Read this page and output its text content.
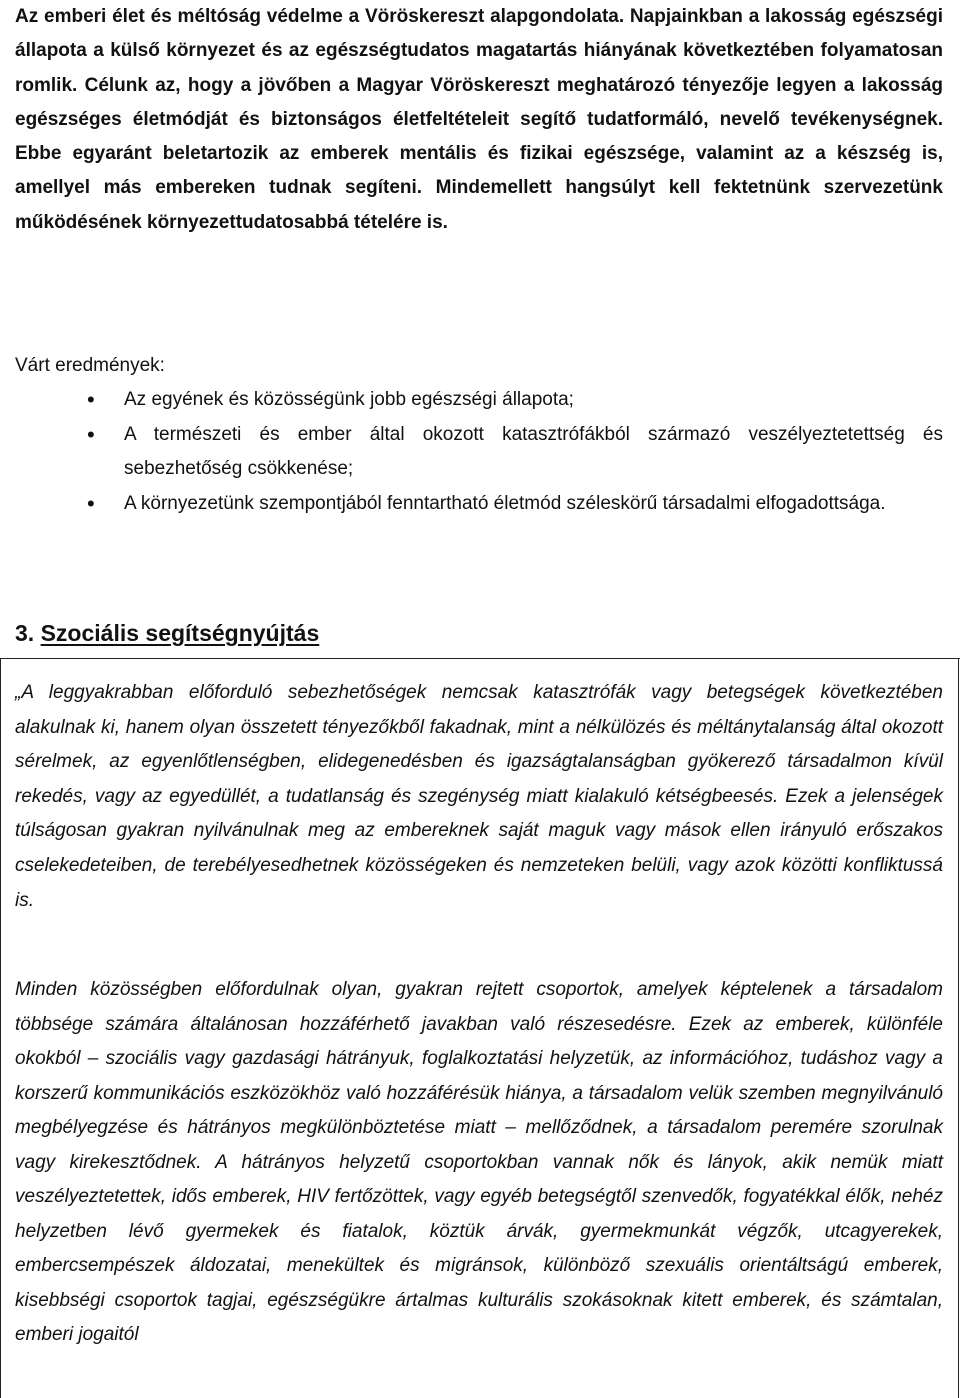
Az emberi élet és méltóság védelme a Vöröskereszt alapgondolata. Napjainkban a lakosság egészségi állapota a külső környezet és az egészségtudatos magatartás hiányának következtében folyamatosan romlik. Célunk az, hogy a jövőben a Magyar Vöröskereszt meghatározó tényezője legyen a lakosság egészséges életmódját és biztonságos életfeltételeit segítő tudatformáló, nevelő tevékenységnek. Ebbe egyaránt beletartozik az emberek mentális és fizikai egészsége, valamint az a készség is, amellyel más embereken tudnak segíteni. Mindemellett hangsúlyt kell fektetnünk szervezetünk működésének környezettudatosabbá tételére is.

Várt eredmények:

• Az egyének és közösségünk jobb egészségi állapota;
• A természeti és ember által okozott katasztrófákból származó veszélyeztetettség és sebezhetőség csökkenése;
• A környezetünk szempontjából fenntartható életmód széleskörű társadalmi elfogadottsága.
3. Szociális segítségnyújtás

„A leggyakrabban előforduló sebezhetőségek nemcsak katasztrófák vagy betegségek következtében alakulnak ki, hanem olyan összetett tényezőkből fakadnak, mint a nélkülözés és méltánytalanság által okozott sérelmek, az egyenlőtlenségben, elidegenedésben és igazságtalanságban gyökerező társadalmon kívül rekedés, vagy az egyedüllét, a tudatlanság és szegénység miatt kialakuló kétségbeesés. Ezek a jelenségek túlságosan gyakran nyilvánulnak meg az embereknek saját maguk vagy mások ellen irányuló erőszakos cselekedeteiben, de terebélyesedhetnek közösségeken és nemzeteken belüli, vagy azok közötti konfliktussá is.

Minden közösségben előfordulnak olyan, gyakran rejtett csoportok, amelyek képtelenek a társadalom többsége számára általánosan hozzáférhető javakban való részesedésre. Ezek az emberek, különféle okokból – szociális vagy gazdasági hátrányuk, foglalkoztatási helyzetük, az információhoz, tudáshoz vagy a korszerű kommunikációs eszközökhöz való hozzáférésük hiánya, a társadalom velük szemben megnyilvánuló megbélyegzése és hátrányos megkülönböztetése miatt – mellőződnek, a társadalom peremére szorulnak vagy kirekesztődnek. A hátrányos helyzetű csoportokban vannak nők és lányok, akik nemük miatt veszélyeztetettek, idős emberek, HIV fertőzöttek, vagy egyéb betegségtől szenvedők, fogyatékkal élők, nehéz helyzetben lévő gyermekek és fiatalok, köztük árvák, gyermekmunkát végzők, utcagyerekek, embercsempészek áldozatai, menekültek és migránsok, különböző szexuális orientáltságú emberek, kisebbségi csoportok tagjai, egészségükre ártalmas kulturális szokásoknak kitett emberek, és számtalan, emberi jogaitól
